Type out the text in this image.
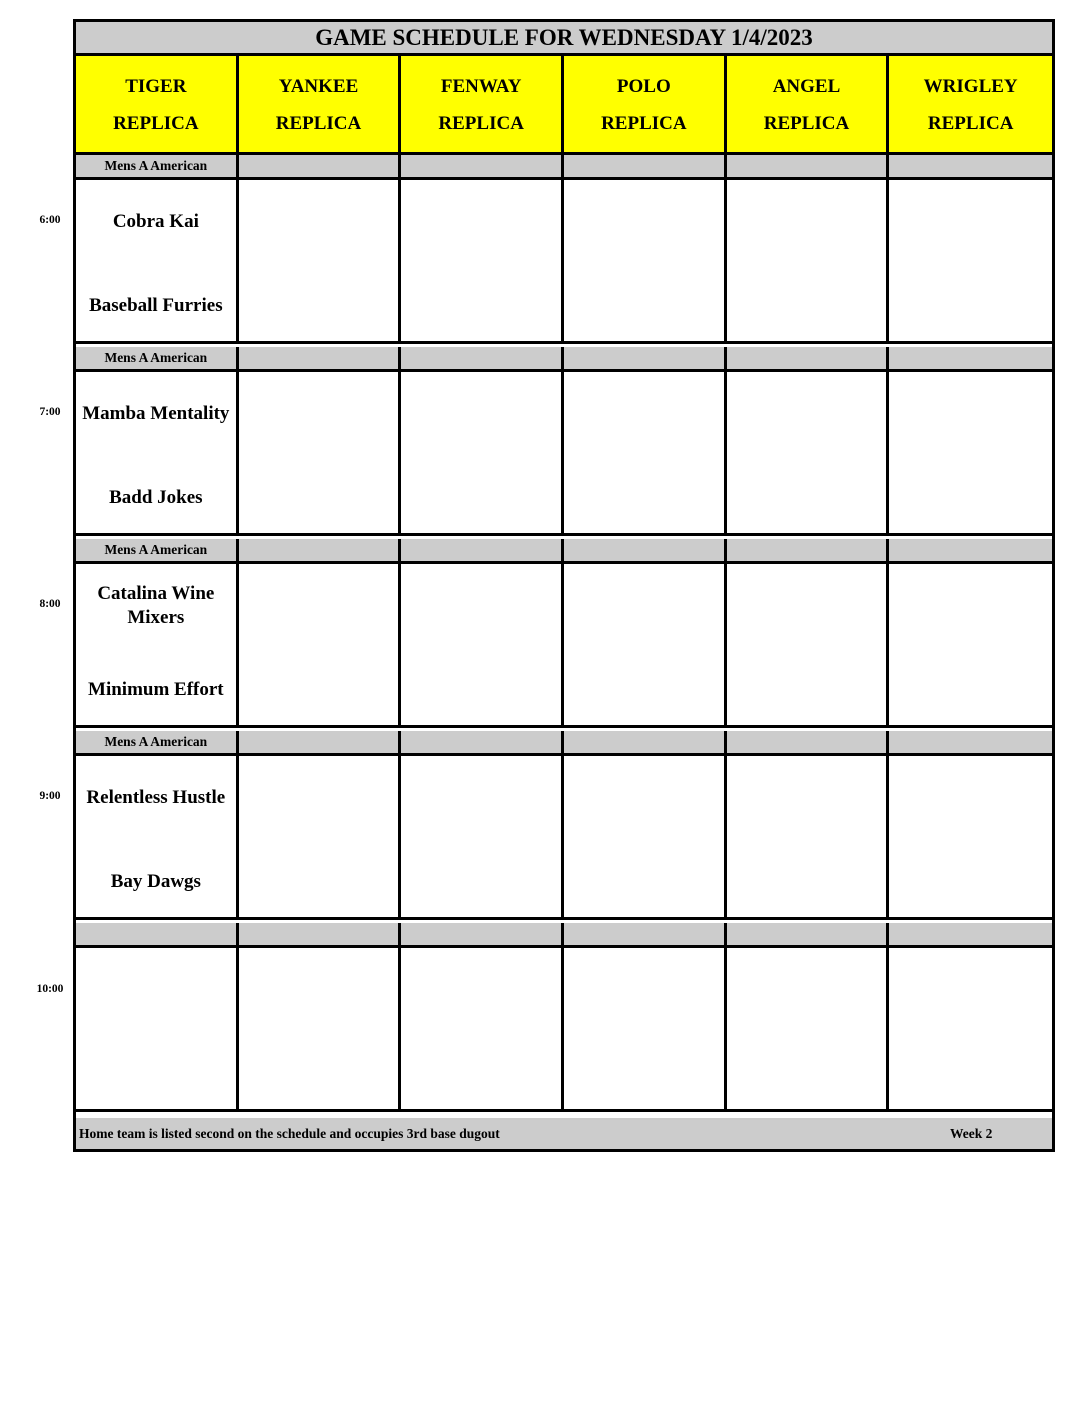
GAME SCHEDULE FOR WEDNESDAY 1/4/2023
TIGER
REPLICA
YANKEE
REPLICA
FENWAY
REPLICA
POLO
REPLICA
ANGEL
REPLICA
WRIGLEY
REPLICA
Mens A American
Cobra Kai
Baseball Furries
Mens A American
Mamba Mentality
Badd Jokes
Mens A American
Catalina Wine Mixers
Minimum Effort
Mens A American
Relentless Hustle
Bay Dawgs
Home team is listed second on the schedule and occupies 3rd base dugout	Week 2
6:00
7:00
8:00
9:00
10:00
